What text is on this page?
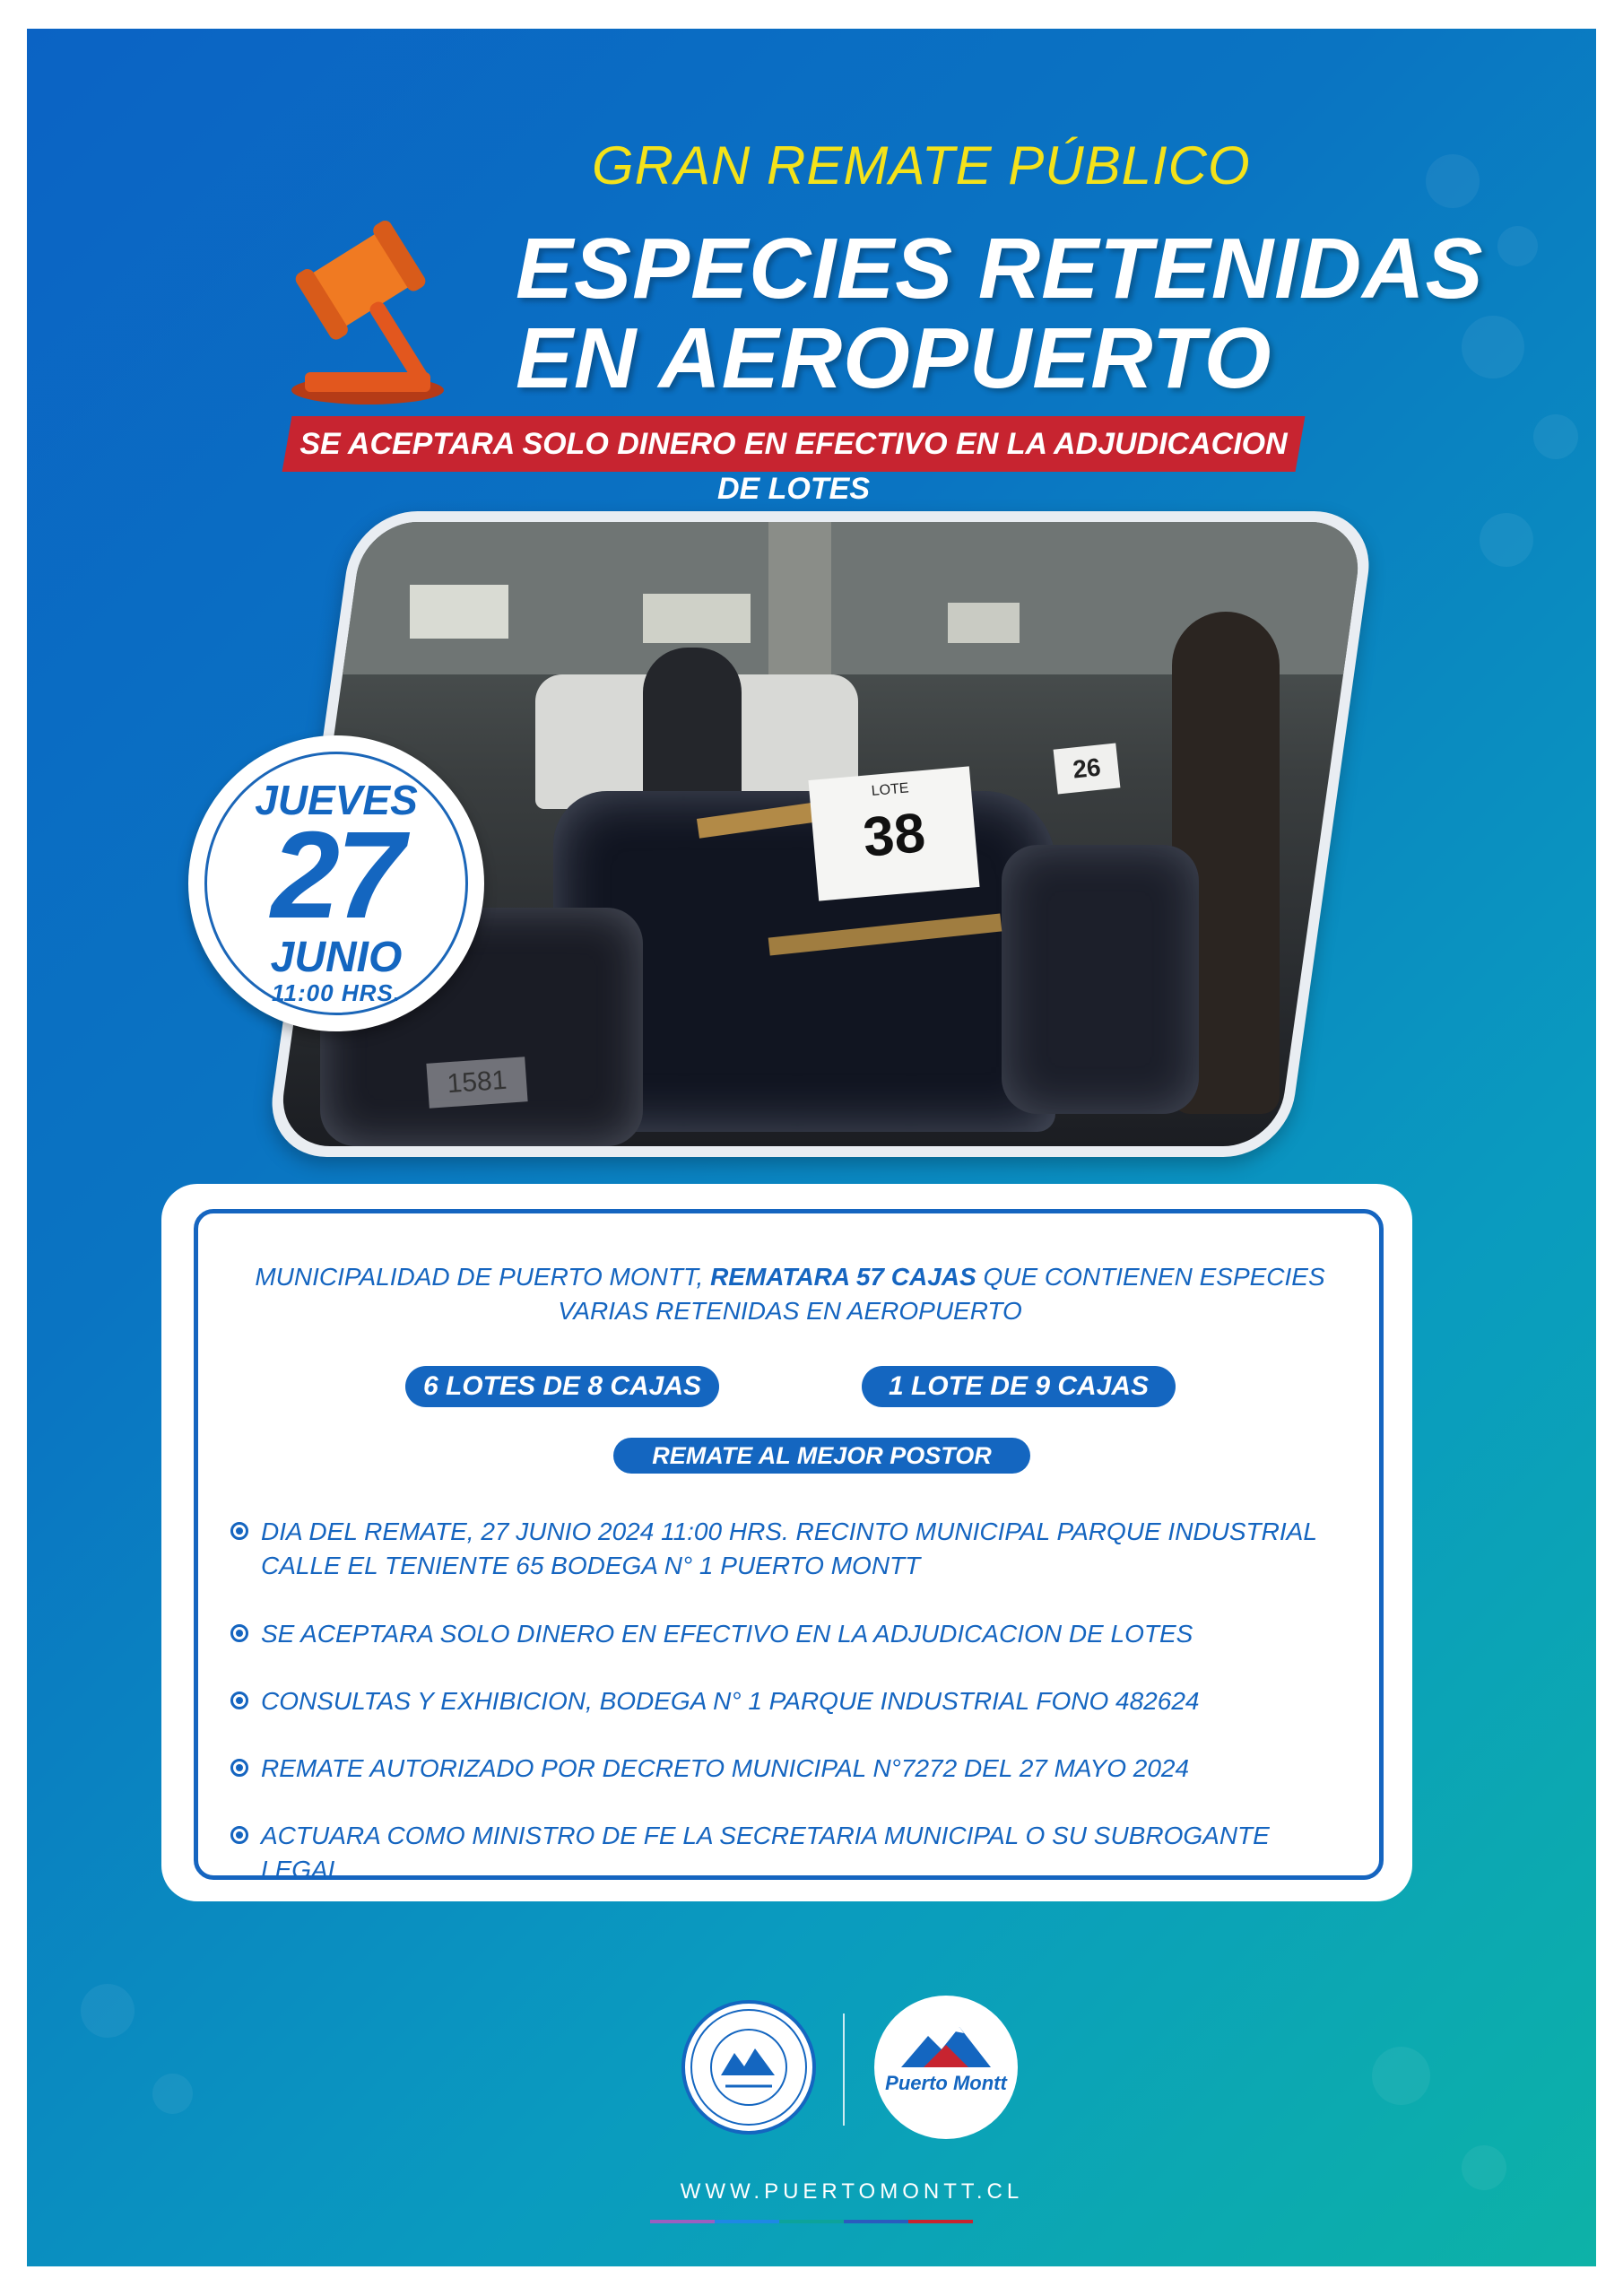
GRAN REMATE PÚBLICO
ESPECIES RETENIDAS
EN AEROPUERTO
SE ACEPTARA SOLO DINERO EN EFECTIVO EN LA ADJUDICACION DE LOTES
LOTE
38
26
1581
JUEVES
27
JUNIO
11:00 HRS.
MUNICIPALIDAD DE PUERTO MONTT, REMATARA 57 CAJAS QUE CONTIENEN ESPECIES VARIAS RETENIDAS EN AEROPUERTO
6 LOTES DE 8 CAJAS	1 LOTE DE 9 CAJAS
REMATE AL MEJOR POSTOR
DIA DEL REMATE, 27 JUNIO 2024 11:00 HRS. RECINTO MUNICIPAL PARQUE INDUSTRIAL CALLE EL TENIENTE 65 BODEGA N° 1 PUERTO MONTT
SE ACEPTARA SOLO DINERO EN EFECTIVO EN LA ADJUDICACION DE LOTES
CONSULTAS Y EXHIBICION, BODEGA N° 1 PARQUE INDUSTRIAL FONO 482624
REMATE AUTORIZADO POR DECRETO MUNICIPAL N°7272 DEL 27 MAYO 2024
ACTUARA COMO MINISTRO DE FE LA SECRETARIA MUNICIPAL O SU SUBROGANTE LEGAL
Puerto Montt
WWW.PUERTOMONTT.CL
